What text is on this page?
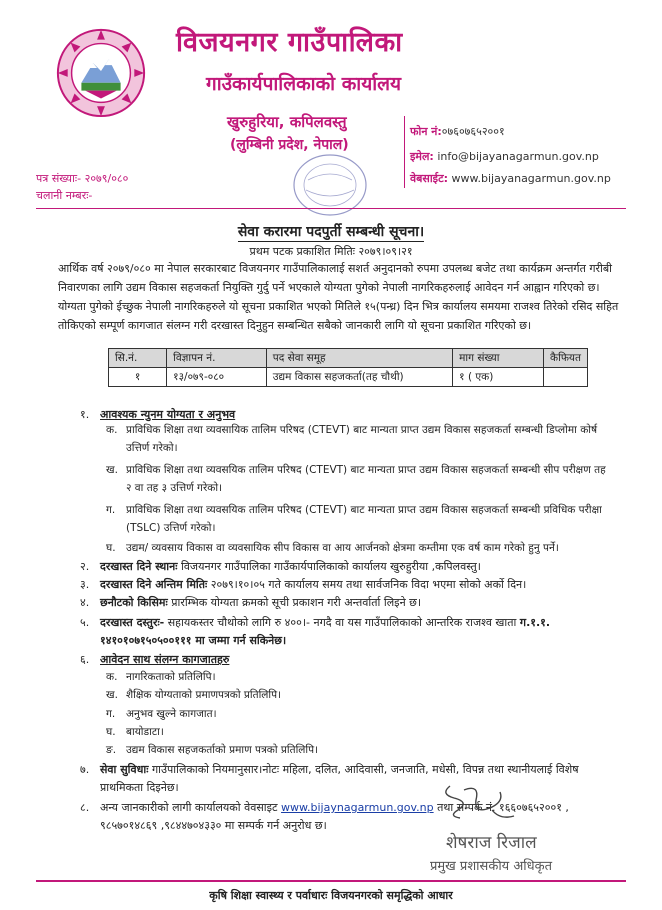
विजयनगर गाउँपालिका
गाउँकार्यपालिकाको कार्यालय
खुरुहुरिया, कपिलवस्तु
(लुम्बिनी प्रदेश, नेपाल)
फोन नं:०७६०७६५२००१
इमेल: info@bijayanagarmun.gov.np
वेबसाईट: www.bijayanagarmun.gov.np
पत्र संख्याः- २०७९/०८०
चलानी नम्बरः-
सेवा करारमा पदपुर्ती सम्बन्धी सूचना।
प्रथम पटक प्रकाशित मितिः २०७९।०९।२१
आर्थिक वर्ष २०७९/०८० मा नेपाल सरकारबाट विजयनगर गाउँपालिकालाई सशर्त अनुदानको रुपमा उपलब्ध बजेट तथा कार्यक्रम अन्तर्गत गरीबी
निवारणका लागि उद्यम विकास सहजकर्ता नियुक्ति गुर्दु पर्ने भएकाले योग्यता पुगेको नेपाली नागरिकहरुलाई आवेदन गर्न आह्वान गरिएको छ।
योग्यता पुगेको ईच्छुक नेपाली नागरिकहरुले यो सूचना प्रकाशित भएको मितिले १५(पन्ध्र) दिन भित्र कार्यालय समयमा राजश्व तिरेको रसिद सहित
तोकिएको सम्पूर्ण कागजात संलग्न गरी दरखास्त दिनुहुन सम्बन्धित सबैको जानकारी लागि यो सूचना प्रकाशित गरिएको छ।
सि.नं.	विज्ञापन नं.	पद सेवा समूह	माग संख्या	कैफियत
१	१३/०७९-०८०	उद्यम विकास सहजकर्ता(तह चौथी)	१ ( एक)	
१. आवश्यक न्युनम योग्यता र अनुभव
क. प्राविधिक शिक्षा तथा व्यवसायिक तालिम परिषद (CTEVT) बाट मान्यता प्राप्त उद्यम विकास सहजकर्ता सम्बन्धी डिप्लोमा कोर्ष
उत्तिर्ण गरेको।
ख. प्राविधिक शिक्षा तथा व्यवसयिक तालिम परिषद (CTEVT) बाट मान्यता प्राप्त उद्यम विकास सहजकर्ता सम्बन्धी सीप परीक्षण तह
२ वा तह ३ उत्तिर्ण गरेको।
ग. प्राविधिक शिक्षा तथा व्यवसयिक तालिम परिषद (CTEVT) बाट मान्यता प्राप्त उद्यम विकास सहजकर्ता सम्बन्धी प्रविधिक परीक्षा
(TSLC) उत्तिर्ण गरेको।
घ. उद्यम/ व्यवसाय विकास वा व्यवसायिक सीप विकास वा आय आर्जनको क्षेत्रमा कम्तीमा एक वर्ष काम गरेको हुनु पर्ने।
२. दरखास्त दिने स्थानः विजयनगर गाउँपालिका गाउँकार्यपालिकाको कार्यालय खुरुहुरीया ,कपिलवस्तु।
३. दरखास्त दिने अन्तिम मितिः २०७९।१०।०५ गते कार्यालय समय तथा सार्वजनिक विदा भएमा सोको अर्को दिन।
४. छनौटको किसिमः प्रारम्भिक योग्यता क्रमको सूची प्रकाशन गरी अन्तर्वार्ता लिइने छ।
५. दरखास्त दस्तुरः- सहायकस्तर चौथोको लागि रु ४००।- नगदै वा यस गाउँपालिकाको आन्तरिक राजश्व खाता ग.१.१.
१४१०१०७१५०५००१११ मा जम्मा गर्न सकिनेछ।
६. आवेदन साथ संलग्न कागजातहरु
क. नागरिकताको प्रतिलिपि।
ख. शैक्षिक योग्यताको प्रमाणपत्रको प्रतिलिपि।
ग. अनुभव खुल्ने कागजात।
घ. बायोडाटा।
ङ. उद्यम विकास सहजकर्ताको प्रमाण पत्रको प्रतिलिपि।
७. सेवा सुविधाः गाउँपालिकाको नियमानुसार।नोटः महिला, दलित, आदिवासी, जनजाति, मधेसी, विपन्न तथा स्थानीयलाई विशेष
प्राथमिकता दिइनेछ।
८. अन्य जानकारीको लागी कार्यालयको वेवसाइट www.bijaynagarmun.gov.np तथा सम्पर्क नं. १६६०७६५२००१ ,
९८५७०१४८६९ ,९८४४७०४३३० मा सम्पर्क गर्न अनुरोध छ।
शेषराज रिजाल
प्रमुख प्रशासकीय अधिकृत
कृषि शिक्षा स्वास्थ्य र पर्वाधारः विजयनगरको समृद्धिको आधार
